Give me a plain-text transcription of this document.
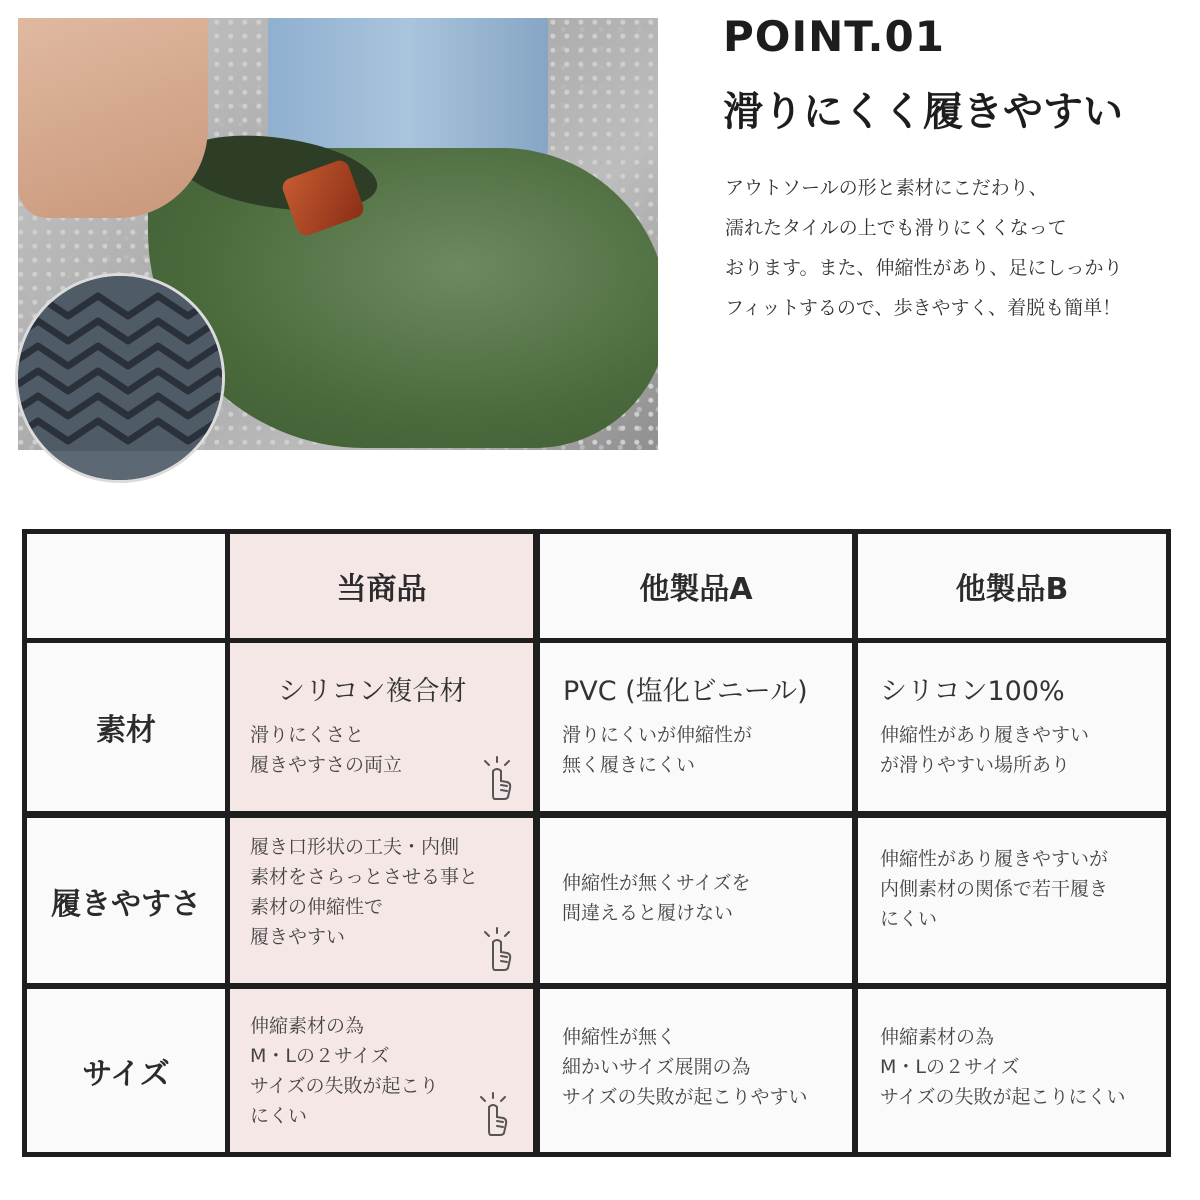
POINT.01
滑りにくく履きやすい
アウトソールの形と素材にこだわり、
濡れたタイルの上でも滑りにくくなって
おります。また、伸縮性があり、足にしっかり
フィットするので、歩きやすく、着脱も簡単！
当商品	他製品A	他製品B
素材
シリコン複合材
滑りにくさと
履きやすさの両立
PVC (塩化ビニール)
滑りにくいが伸縮性が
無く履きにくい
シリコン100%
伸縮性があり履きやすい
が滑りやすい場所あり
履きやすさ
履き口形状の工夫・内側
素材をさらっとさせる事と
素材の伸縮性で
履きやすい
伸縮性が無くサイズを
間違えると履けない
伸縮性があり履きやすいが
内側素材の関係で若干履き
にくい
サイズ
伸縮素材の為
M・Lの２サイズ
サイズの失敗が起こり
にくい
伸縮性が無く
細かいサイズ展開の為
サイズの失敗が起こりやすい
伸縮素材の為
M・Lの２サイズ
サイズの失敗が起こりにくい
